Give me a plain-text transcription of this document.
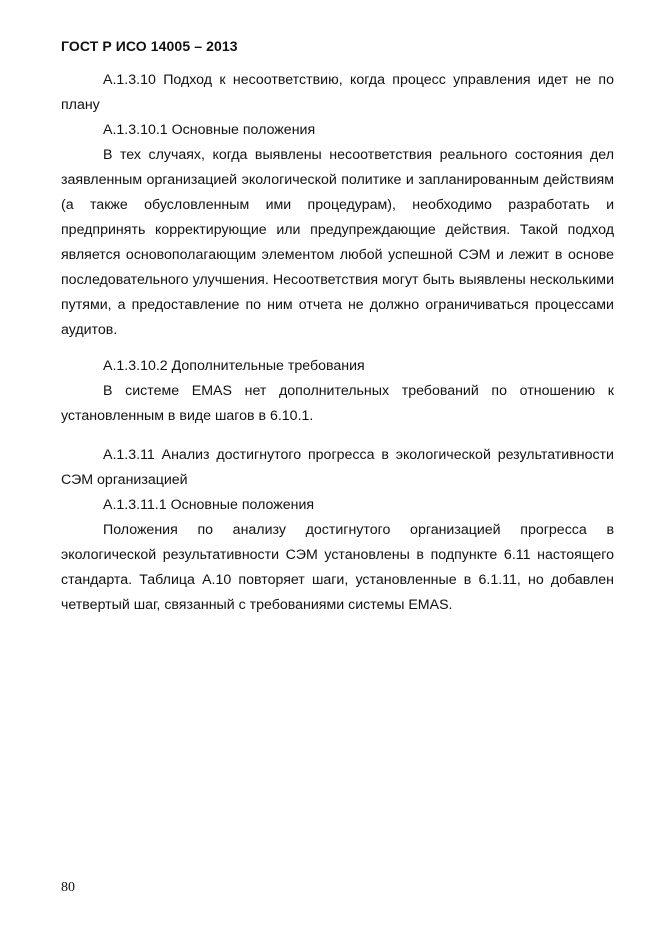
ГОСТ Р ИСО 14005 – 2013

А.1.3.10 Подход к несоответствию, когда процесс управления идет не по плану

А.1.3.10.1 Основные положения

В тех случаях, когда выявлены несоответствия реального состояния дел заявленным организацией экологической политике и запланированным действиям (а также обусловленным ими процедурам), необходимо разработать и предпринять корректирующие или предупреждающие действия. Такой подход является основополагающим элементом любой успешной СЭМ и лежит в основе последовательного улучшения. Несоответствия могут быть выявлены несколькими путями, а предоставление по ним отчета не должно ограничиваться процессами аудитов.

А.1.3.10.2 Дополнительные требования

В системе EMAS нет дополнительных требований по отношению к установленным в виде шагов в 6.10.1.

А.1.3.11 Анализ достигнутого прогресса в экологической результативности СЭМ организацией

А.1.3.11.1 Основные положения

Положения по анализу достигнутого организацией прогресса в экологической результативности СЭМ установлены в подпункте 6.11 настоящего стандарта. Таблица А.10 повторяет шаги, установленные в 6.1.11, но добавлен четвертый шаг, связанный с требованиями системы EMAS.

80
